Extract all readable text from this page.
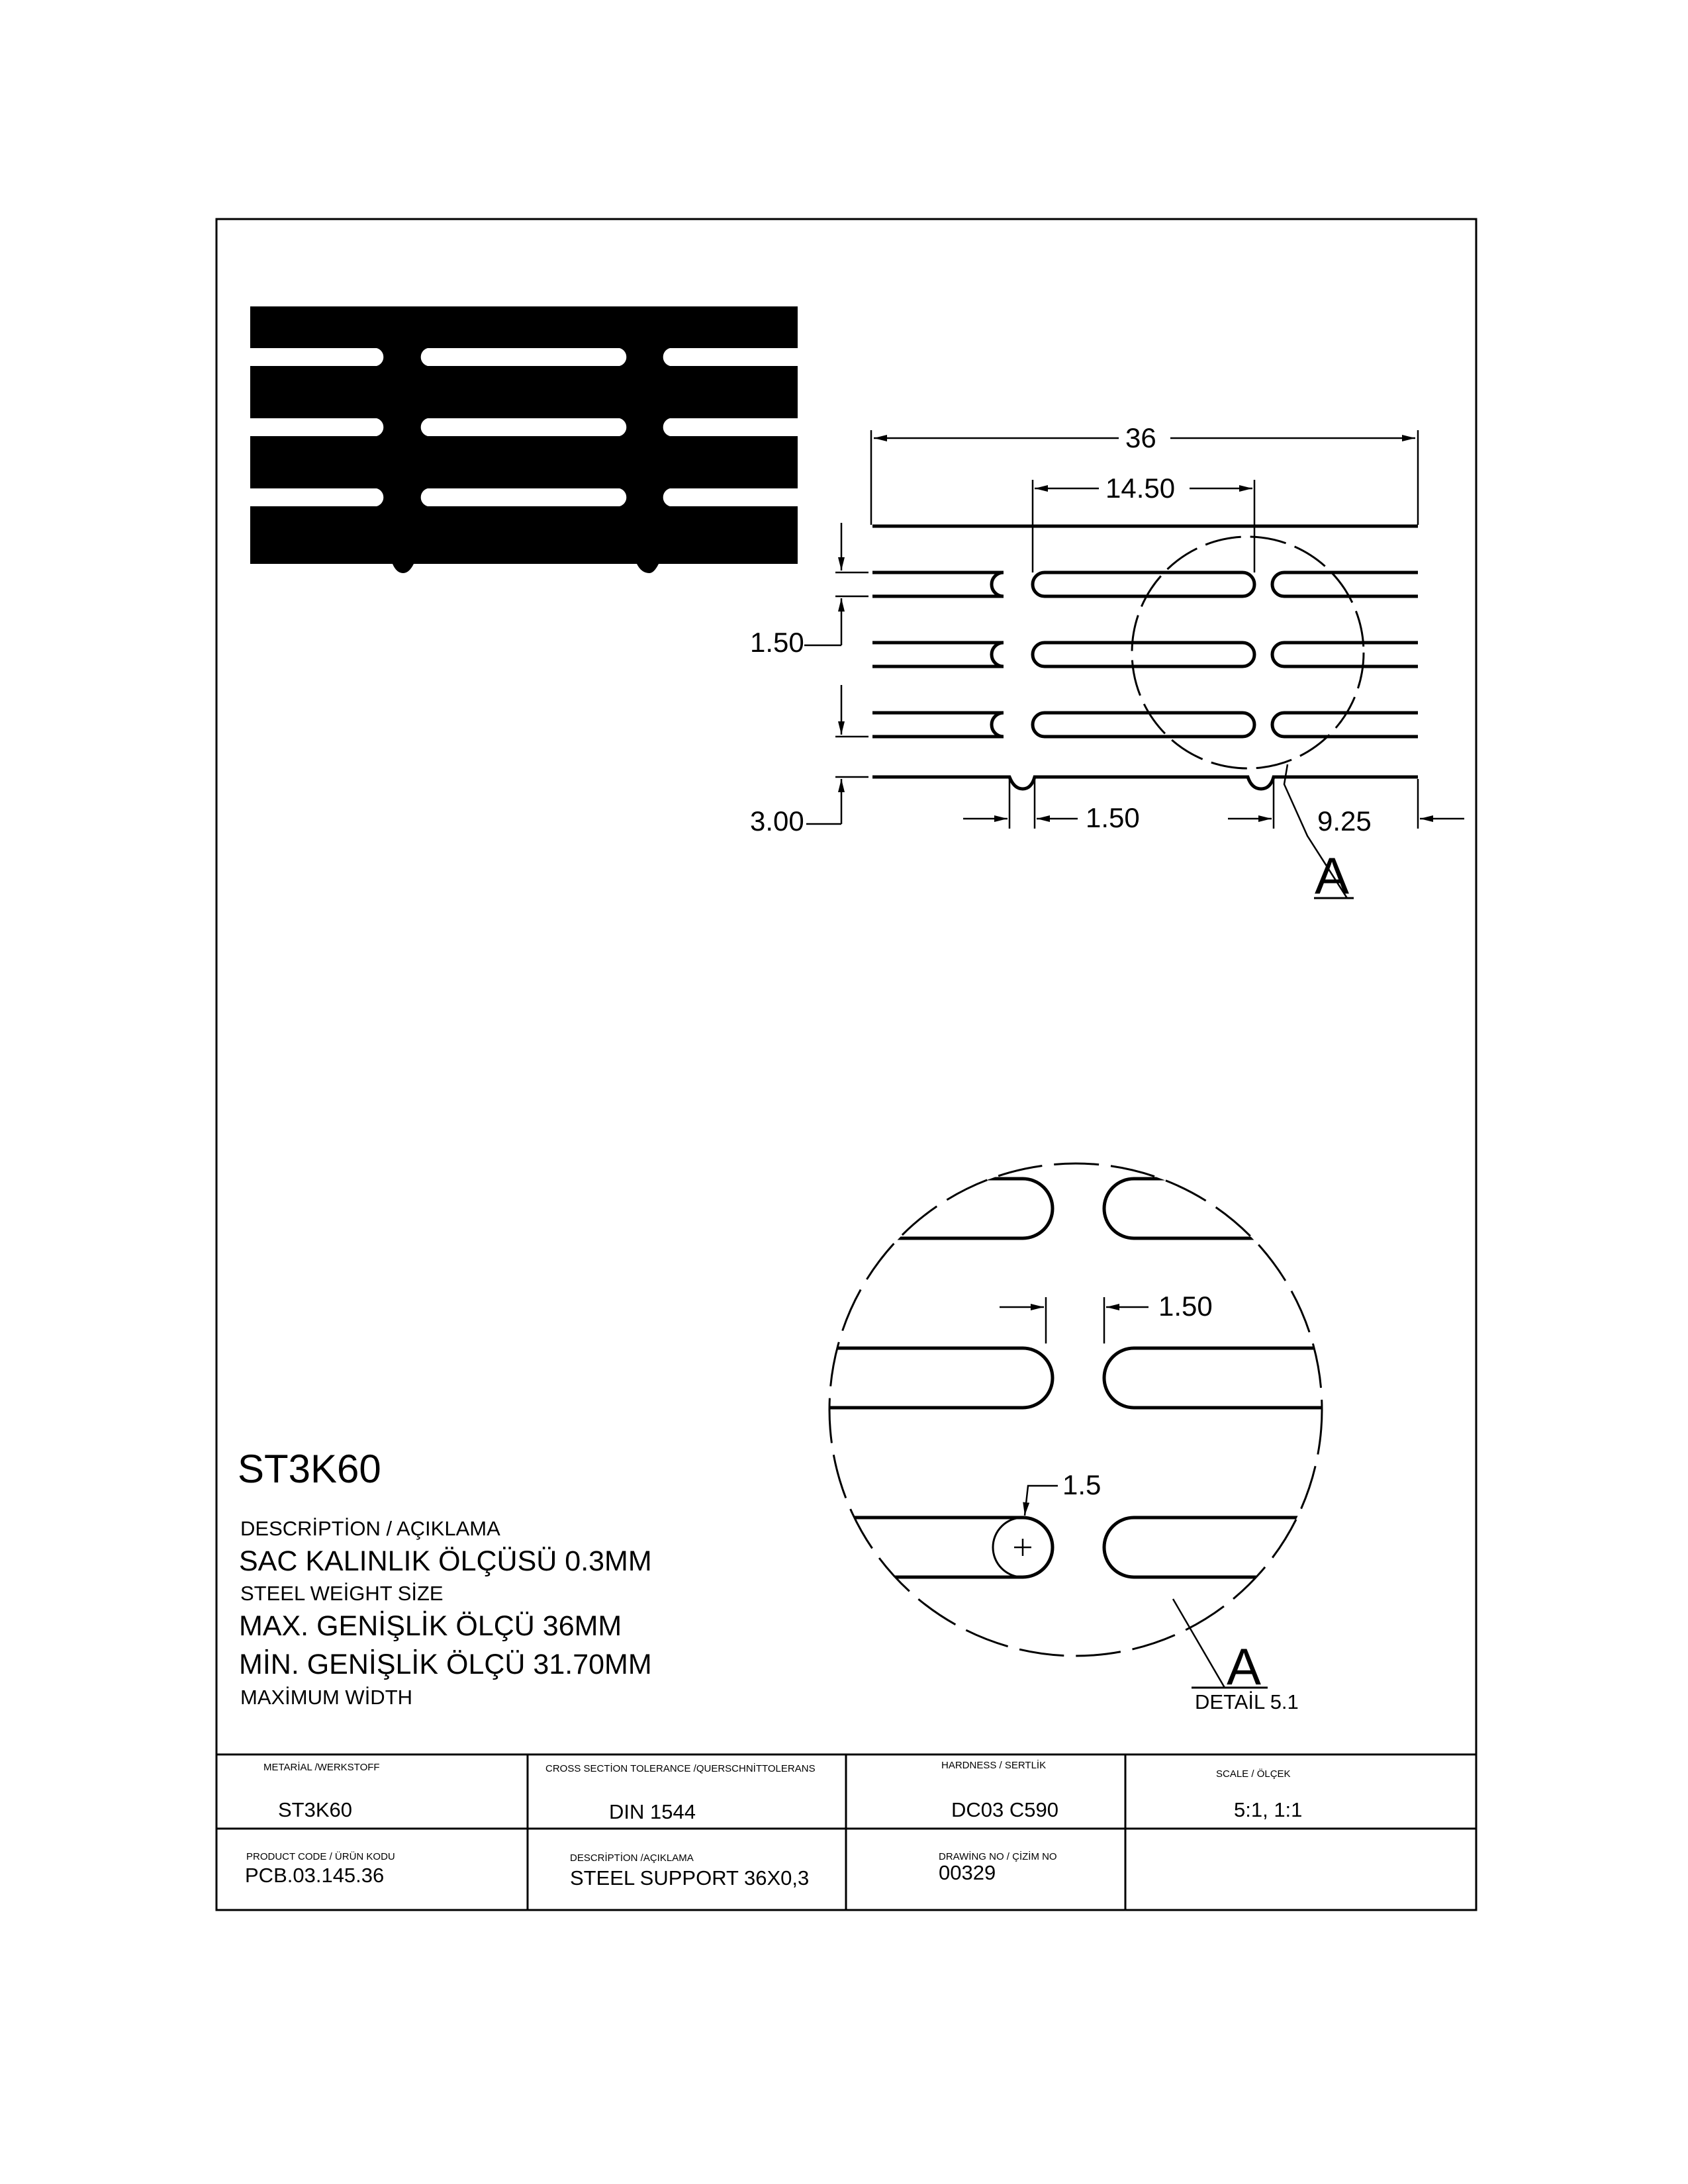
A
36
14.50
1.50
3.00	1.50	9.25
1.50
1.5
A
DETAİL 5.1
ST3K60
DESCRİPTİON / AÇIKLAMA
SAC KALINLIK ÖLÇÜSÜ 0.3MM
STEEL WEİGHT SİZE
MAX. GENİŞLİK ÖLÇÜ 36MM
MİN. GENİŞLİK ÖLÇÜ 31.70MM
MAXİMUM WİDTH
METARİAL /WERKSTOFF
ST3K60
CROSS SECTİON TOLERANCE /QUERSCHNİTTOLERANS
DIN 1544
HARDNESS / SERTLİK
DC03 C590
SCALE / ÖLÇEK
5:1, 1:1
PRODUCT CODE / ÜRÜN KODU
PCB.03.145.36
DESCRİPTİON /AÇIKLAMA
STEEL SUPPORT 36X0,3
DRAWİNG NO / ÇİZİM NO
00329
